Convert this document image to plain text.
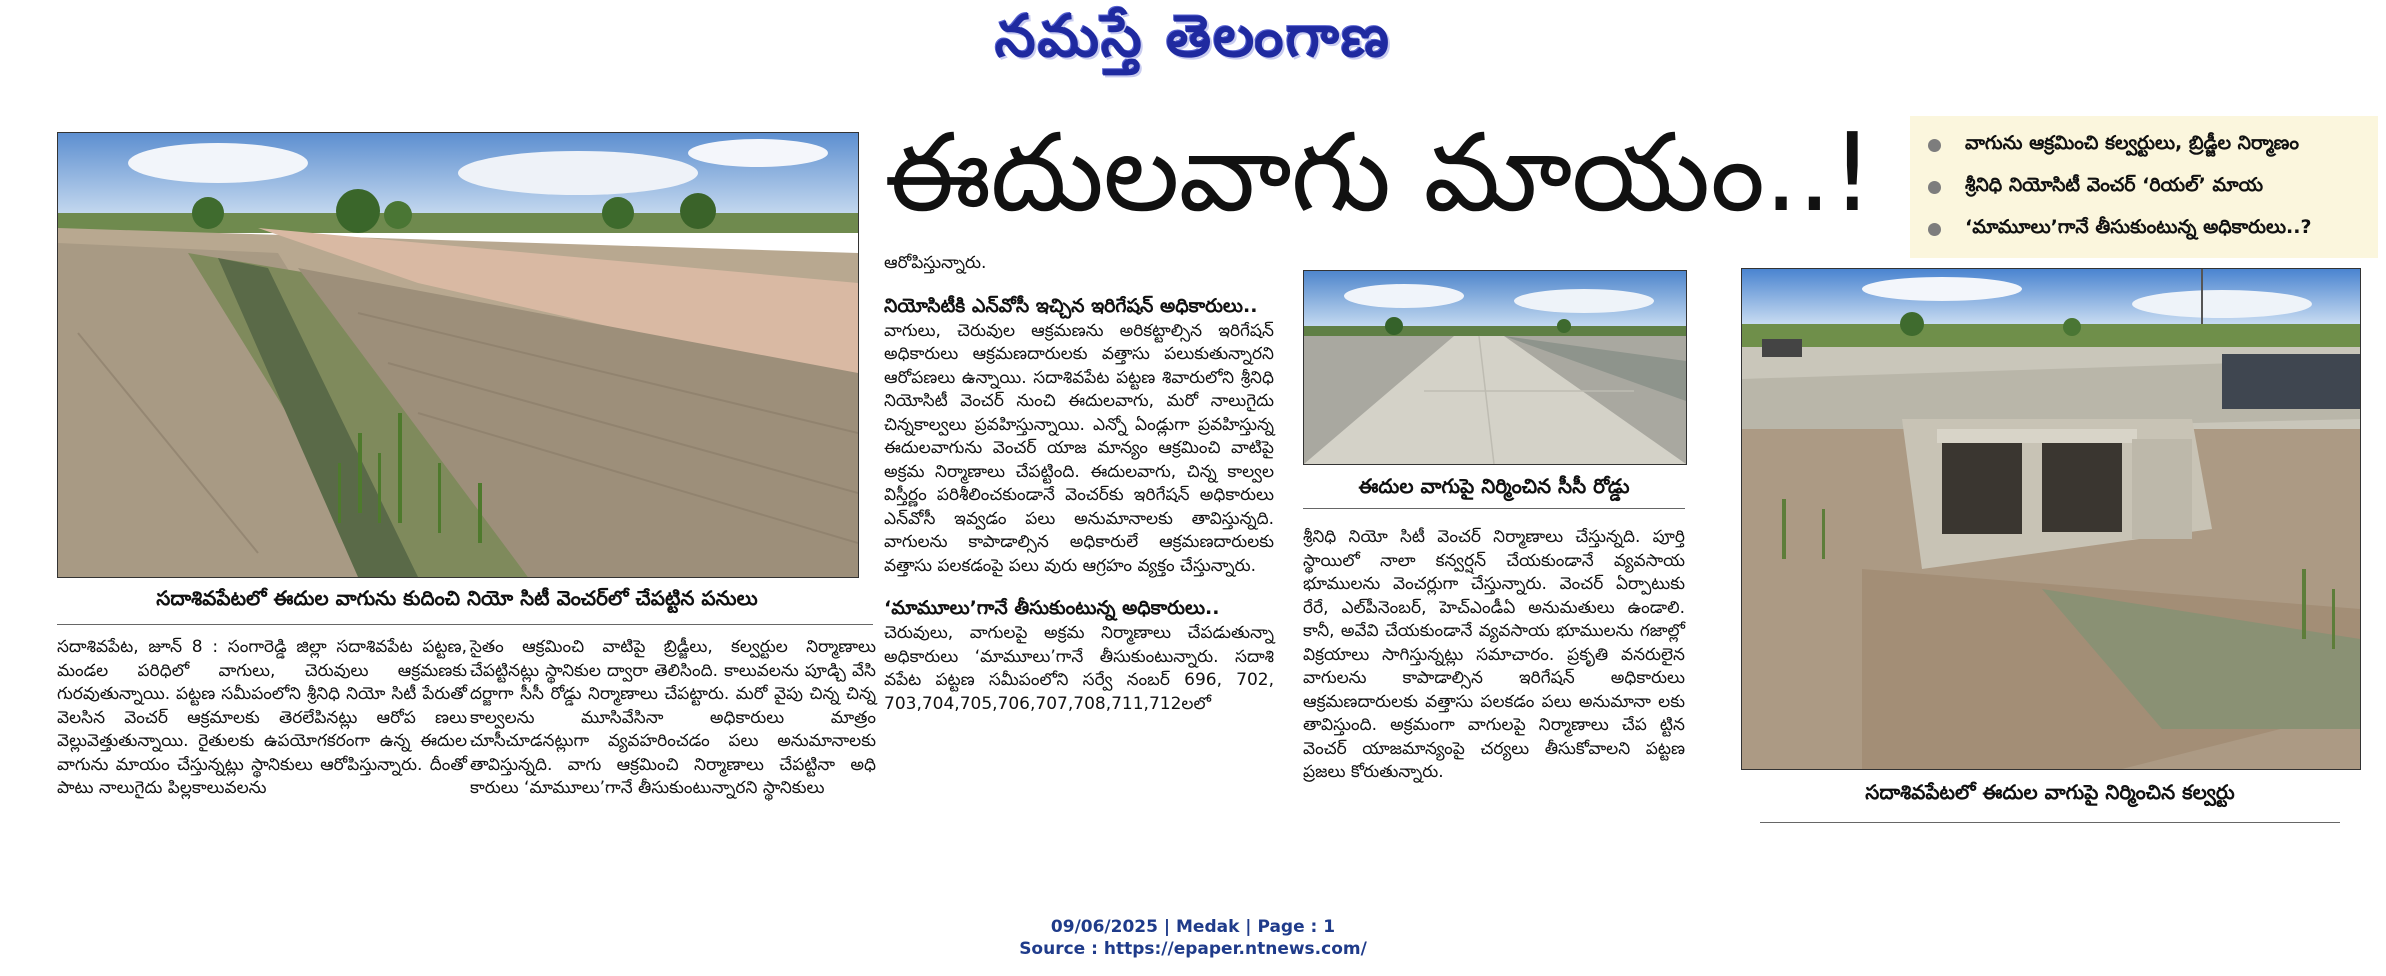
నమస్తే తెలంగాణ
సదాశివపేటలో ఈదుల వాగును కుదించి నియో సిటీ వెంచర్‌లో చేపట్టిన పనులు
ఈదులవాగు మాయం..!	వాగును ఆక్రమించి కల్వర్టులు, బ్రిడ్జీల నిర్మాణం
శ్రీనిధి నియోసిటీ వెంచర్‌ ‘రియల్‌’ మాయ
‘మామూలు’గానే తీసుకుంటున్న అధికారులు..?

సదాశివపేట, జూన్‌ 8 : సంగారెడ్డి జిల్లా సదాశివపేట పట్టణ, మండల పరిధిలో వాగులు, చెరువులు ఆక్రమణకు గురవుతున్నాయి. పట్టణ సమీపంలోని శ్రీనిధి నియో సిటీ పేరుతో వెలసిన వెంచర్‌ ఆక్రమాలకు తెరలేపినట్లు ఆరోప ణలు వెల్లువెత్తుతున్నాయి. రైతులకు ఉపయోగకరంగా ఉన్న ఈదుల వాగును మాయం చేస్తున్నట్లు స్థానికులు ఆరోపిస్తున్నారు. దీంతో పాటు నాలుగైదు పిల్లకాలువలను

సైతం ఆక్రమించి వాటిపై బ్రిడ్జీలు, కల్వర్టుల నిర్మాణాలు చేపట్టినట్లు స్థానికుల ద్వారా తెలిసింది. కాలువలను పూడ్చి వేసి దర్జాగా సీసీ రోడ్డు నిర్మాణాలు చేపట్టారు. మరో వైపు చిన్న చిన్న కాల్వలను మూసివేసినా అధికారులు మాత్రం చూసీచూడనట్లుగా వ్యవహరించడం పలు అనుమానాలకు తావిస్తున్నది. వాగు ఆక్రమించి నిర్మాణాలు చేపట్టినా అధి కారులు ‘మామూలు’గానే తీసుకుంటున్నారని స్థానికులు

ఆరోపిస్తున్నారు.

నియోసిటీకి ఎన్‌వోసీ ఇచ్చిన ఇరిగేషన్‌ అధికారులు..

వాగులు, చెరువుల ఆక్రమణను అరికట్టాల్సిన ఇరిగేషన్‌ అధికారులు ఆక్రమణదారులకు వత్తాసు పలుకుతున్నారని ఆరోపణలు ఉన్నాయి. సదాశివపేట పట్టణ శివారులోని శ్రీనిధి నియోసిటీ వెంచర్‌ నుంచి ఈదులవాగు, మరో నాలుగైదు చిన్నకాల్వలు ప్రవహిస్తున్నాయి. ఎన్నో ఏండ్లుగా ప్రవహిస్తున్న ఈదులవాగును వెంచర్‌ యాజ మాన్యం ఆక్రమించి వాటిపై అక్రమ నిర్మాణాలు చేపట్టింది. ఈదులవాగు, చిన్న కాల్వల విస్తీర్ణం పరిశీలించకుండానే వెంచర్‌కు ఇరిగేషన్‌ అధికారులు ఎన్‌వోసీ ఇవ్వడం పలు అనుమానాలకు తావిస్తున్నది. వాగులను కాపాడాల్సిన అధికారులే ఆక్రమణదారులకు వత్తాసు పలకడంపై పలు వురు ఆగ్రహం వ్యక్తం చేస్తున్నారు.

‘మామూలు’గానే తీసుకుంటున్న అధికారులు..

చెరువులు, వాగులపై అక్రమ నిర్మాణాలు చేపడుతున్నా అధికారులు ‘మామూలు’గానే తీసుకుంటున్నారు. సదాశి వపేట పట్టణ సమీపంలోని సర్వే నంబర్‌ 696, 702, 703,704,705,706,707,708,711,712లలో

ఈదుల వాగుపై నిర్మించిన సీసీ రోడ్డు

శ్రీనిధి నియో సిటీ వెంచర్‌ నిర్మాణాలు చేస్తున్నది. పూర్తి స్థాయిలో నాలా కన్వర్షన్‌ చేయకుండానే వ్యవసాయ భూములను వెంచర్లుగా చేస్తున్నారు. వెంచర్‌ ఏర్పాటుకు రేరే, ఎల్‌పీనెంబర్‌, హెచ్‌ఎండీఏ అనుమతులు ఉండాలి. కానీ, అవేవి చేయకుండానే వ్యవసాయ భూములను గజాల్లో విక్రయాలు సాగిస్తున్నట్లు సమాచారం. ప్రకృతి వనరులైన వాగులను కాపాడాల్సిన ఇరిగేషన్‌ అధికారులు ఆక్రమణదారులకు వత్తాసు పలకడం పలు అనుమానా లకు తావిస్తుంది. అక్రమంగా వాగులపై నిర్మాణాలు చేప ట్టిన వెంచర్‌ యాజమాన్యంపై చర్యలు తీసుకోవాలని పట్టణ ప్రజలు కోరుతున్నారు.

సదాశివపేటలో ఈదుల వాగుపై నిర్మించిన కల్వర్టు
09/06/2025 | Medak | Page : 1
Source : https://epaper.ntnews.com/
